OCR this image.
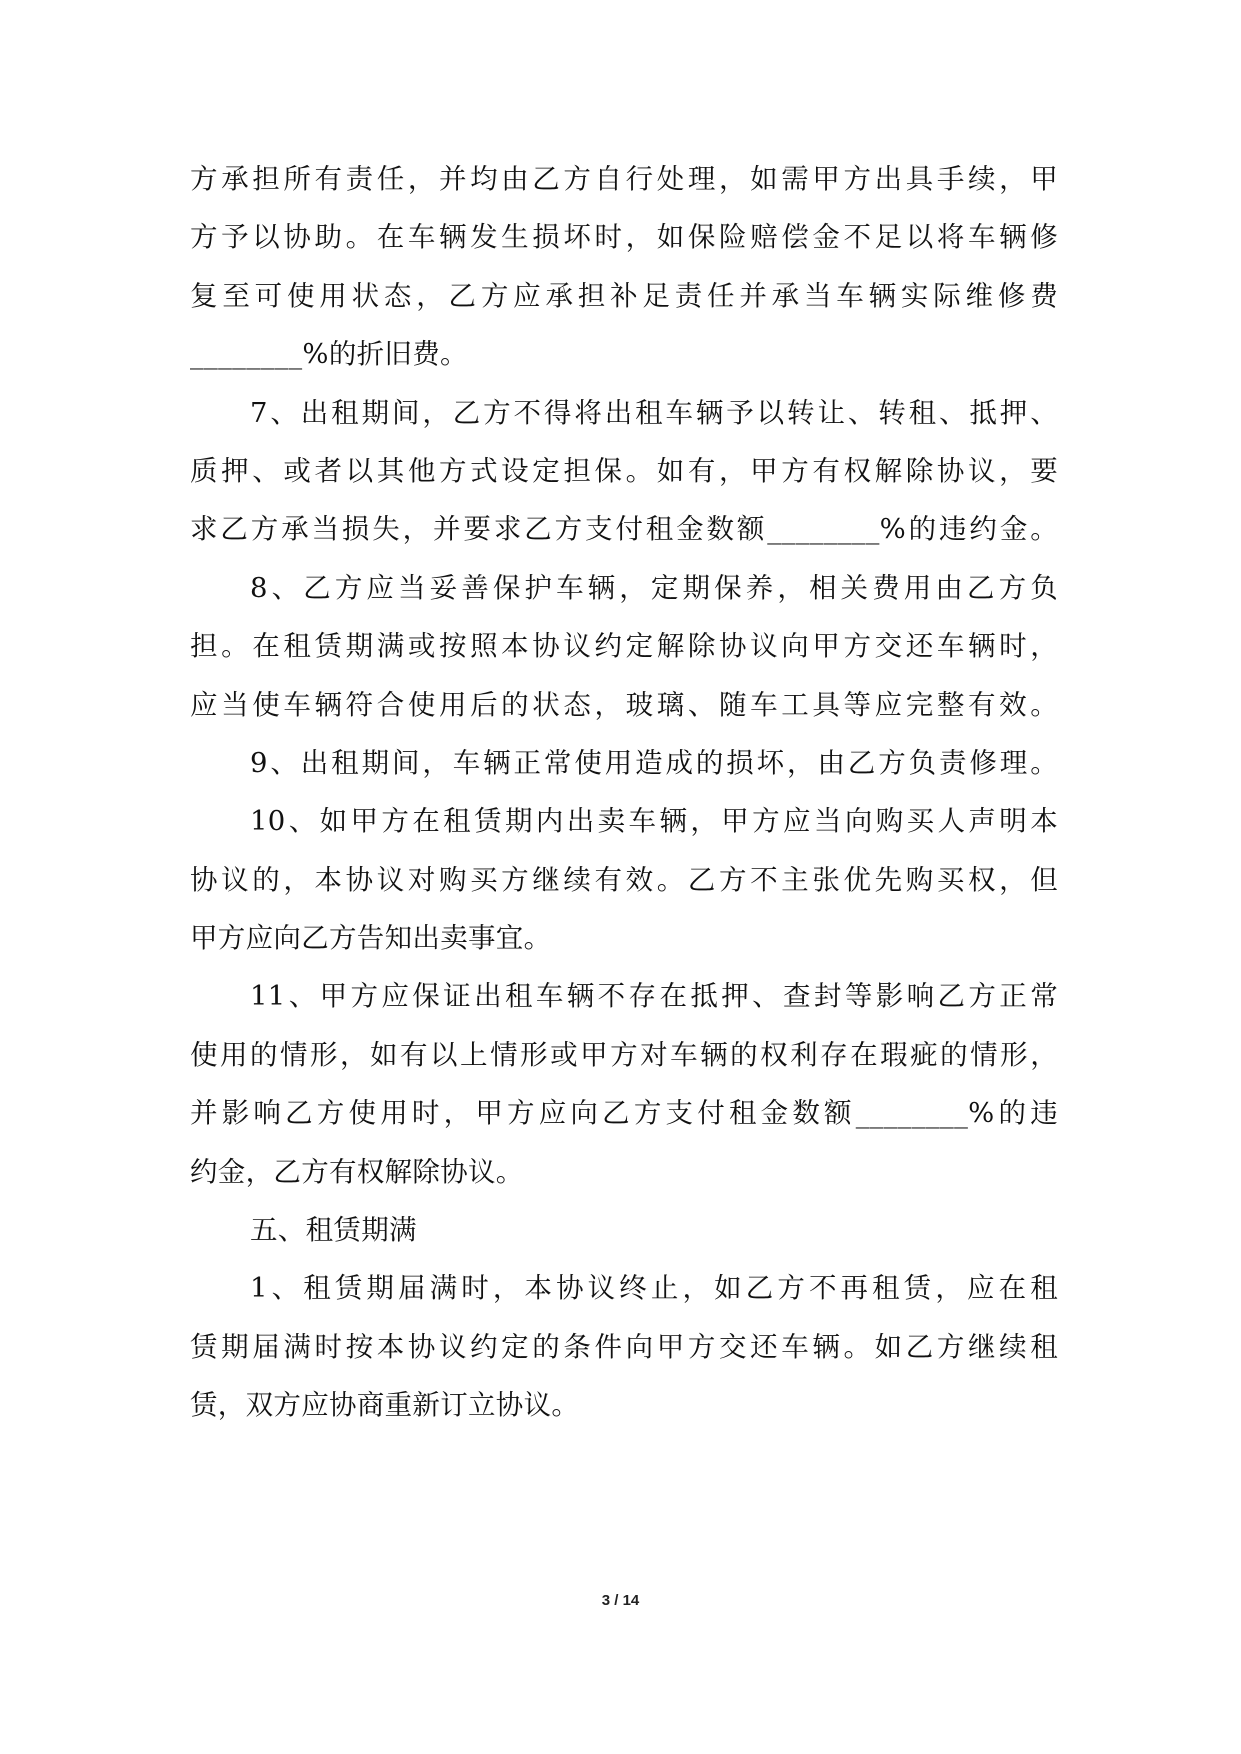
方承担所有责任，并均由乙方自行处理，如需甲方出具手续，甲
方予以协助。在车辆发生损坏时，如保险赔偿金不足以将车辆修
复至可使用状态，乙方应承担补足责任并承当车辆实际维修费
________%的折旧费。
7、出租期间，乙方不得将出租车辆予以转让、转租、抵押、
质押、或者以其他方式设定担保。如有，甲方有权解除协议，要
求乙方承当损失，并要求乙方支付租金数额________%的违约金。
8、乙方应当妥善保护车辆，定期保养，相关费用由乙方负
担。在租赁期满或按照本协议约定解除协议向甲方交还车辆时，
应当使车辆符合使用后的状态，玻璃、随车工具等应完整有效。
9、出租期间，车辆正常使用造成的损坏，由乙方负责修理。
10、如甲方在租赁期内出卖车辆，甲方应当向购买人声明本
协议的，本协议对购买方继续有效。乙方不主张优先购买权，但
甲方应向乙方告知出卖事宜。
11、甲方应保证出租车辆不存在抵押、查封等影响乙方正常
使用的情形，如有以上情形或甲方对车辆的权利存在瑕疵的情形，
并影响乙方使用时，甲方应向乙方支付租金数额________%的违
约金，乙方有权解除协议。
五、租赁期满
1、租赁期届满时，本协议终止，如乙方不再租赁，应在租
赁期届满时按本协议约定的条件向甲方交还车辆。如乙方继续租
赁，双方应协商重新订立协议。
3 / 14
